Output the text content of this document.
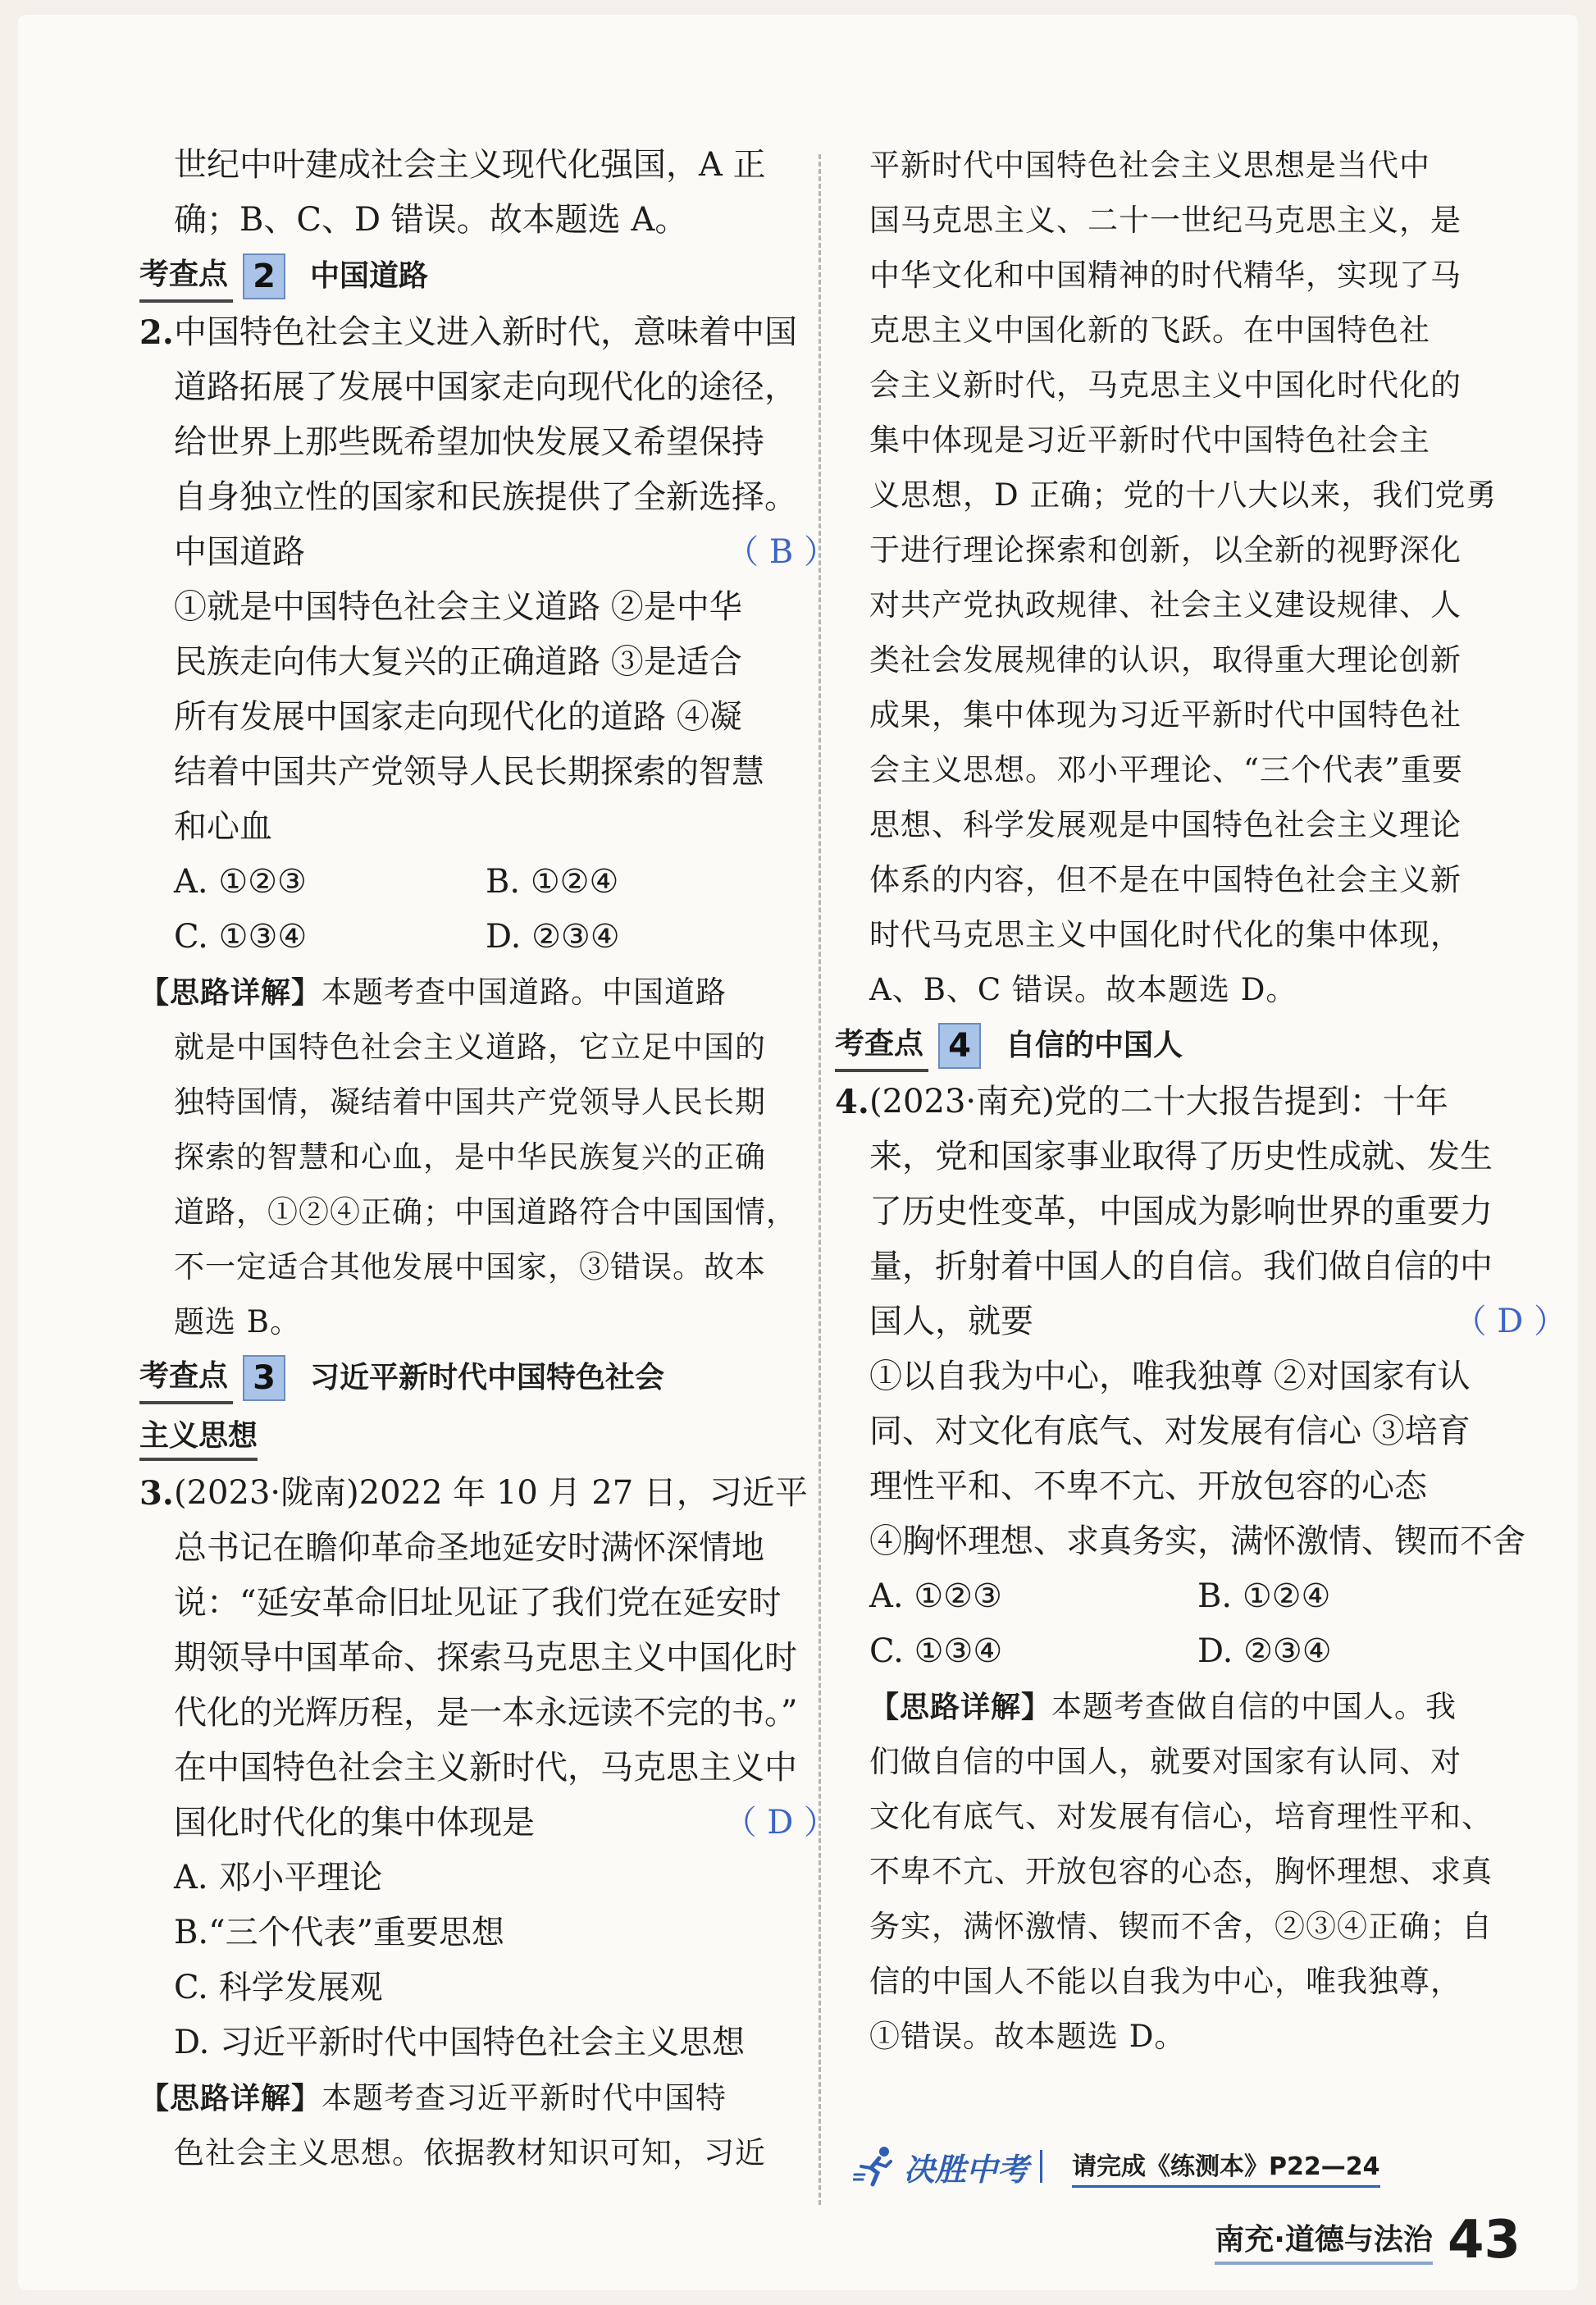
世纪中叶建成社会主义现代化强国，A 正
确；B、C、D 错误。故本题选 A。
考查点 2	中国道路
2. 中国特色社会主义进入新时代，意味着中国
道路拓展了发展中国家走向现代化的途径，
给世界上那些既希望加快发展又希望保持
自身独立性的国家和民族提供了全新选择。
中国道路	（ B ）
①就是中国特色社会主义道路 ②是中华
民族走向伟大复兴的正确道路 ③是适合
所有发展中国家走向现代化的道路 ④凝
结着中国共产党领导人民长期探索的智慧
和心血
A. ①②③	B. ①②④
C. ①③④	D. ②③④
【思路详解】本题考查中国道路。中国道路
就是中国特色社会主义道路，它立足中国的
独特国情，凝结着中国共产党领导人民长期
探索的智慧和心血，是中华民族复兴的正确
道路，①②④正确；中国道路符合中国国情，
不一定适合其他发展中国家，③错误。故本
题选 B。
考查点 3	习近平新时代中国特色社会
主义思想
3. (2023·陇南)2022 年 10 月 27 日，习近平
总书记在瞻仰革命圣地延安时满怀深情地
说：“延安革命旧址见证了我们党在延安时
期领导中国革命、探索马克思主义中国化时
代化的光辉历程，是一本永远读不完的书。”
在中国特色社会主义新时代，马克思主义中
国化时代化的集中体现是	（ D ）
A. 邓小平理论
B.“三个代表”重要思想
C. 科学发展观
D. 习近平新时代中国特色社会主义思想
【思路详解】本题考查习近平新时代中国特
色社会主义思想。依据教材知识可知，习近
平新时代中国特色社会主义思想是当代中
国马克思主义、二十一世纪马克思主义，是
中华文化和中国精神的时代精华，实现了马
克思主义中国化新的飞跃。在中国特色社
会主义新时代，马克思主义中国化时代化的
集中体现是习近平新时代中国特色社会主
义思想，D 正确；党的十八大以来，我们党勇
于进行理论探索和创新，以全新的视野深化
对共产党执政规律、社会主义建设规律、人
类社会发展规律的认识，取得重大理论创新
成果，集中体现为习近平新时代中国特色社
会主义思想。邓小平理论、“三个代表”重要
思想、科学发展观是中国特色社会主义理论
体系的内容，但不是在中国特色社会主义新
时代马克思主义中国化时代化的集中体现，
A、B、C 错误。故本题选 D。
考查点 4	自信的中国人
4. (2023·南充)党的二十大报告提到：十年
来，党和国家事业取得了历史性成就、发生
了历史性变革，中国成为影响世界的重要力
量，折射着中国人的自信。我们做自信的中
国人，就要	（ D ）
①以自我为中心，唯我独尊 ②对国家有认
同、对文化有底气、对发展有信心 ③培育
理性平和、不卑不亢、开放包容的心态
④胸怀理想、求真务实，满怀激情、锲而不舍
A. ①②③	B. ①②④
C. ①③④	D. ②③④
【思路详解】本题考查做自信的中国人。我
们做自信的中国人，就要对国家有认同、对
文化有底气、对发展有信心，培育理性平和、
不卑不亢、开放包容的心态，胸怀理想、求真
务实，满怀激情、锲而不舍，②③④正确；自
信的中国人不能以自我为中心，唯我独尊，
①错误。故本题选 D。
决胜中考 请完成《练测本》P22—24
南充·道德与法治 43
